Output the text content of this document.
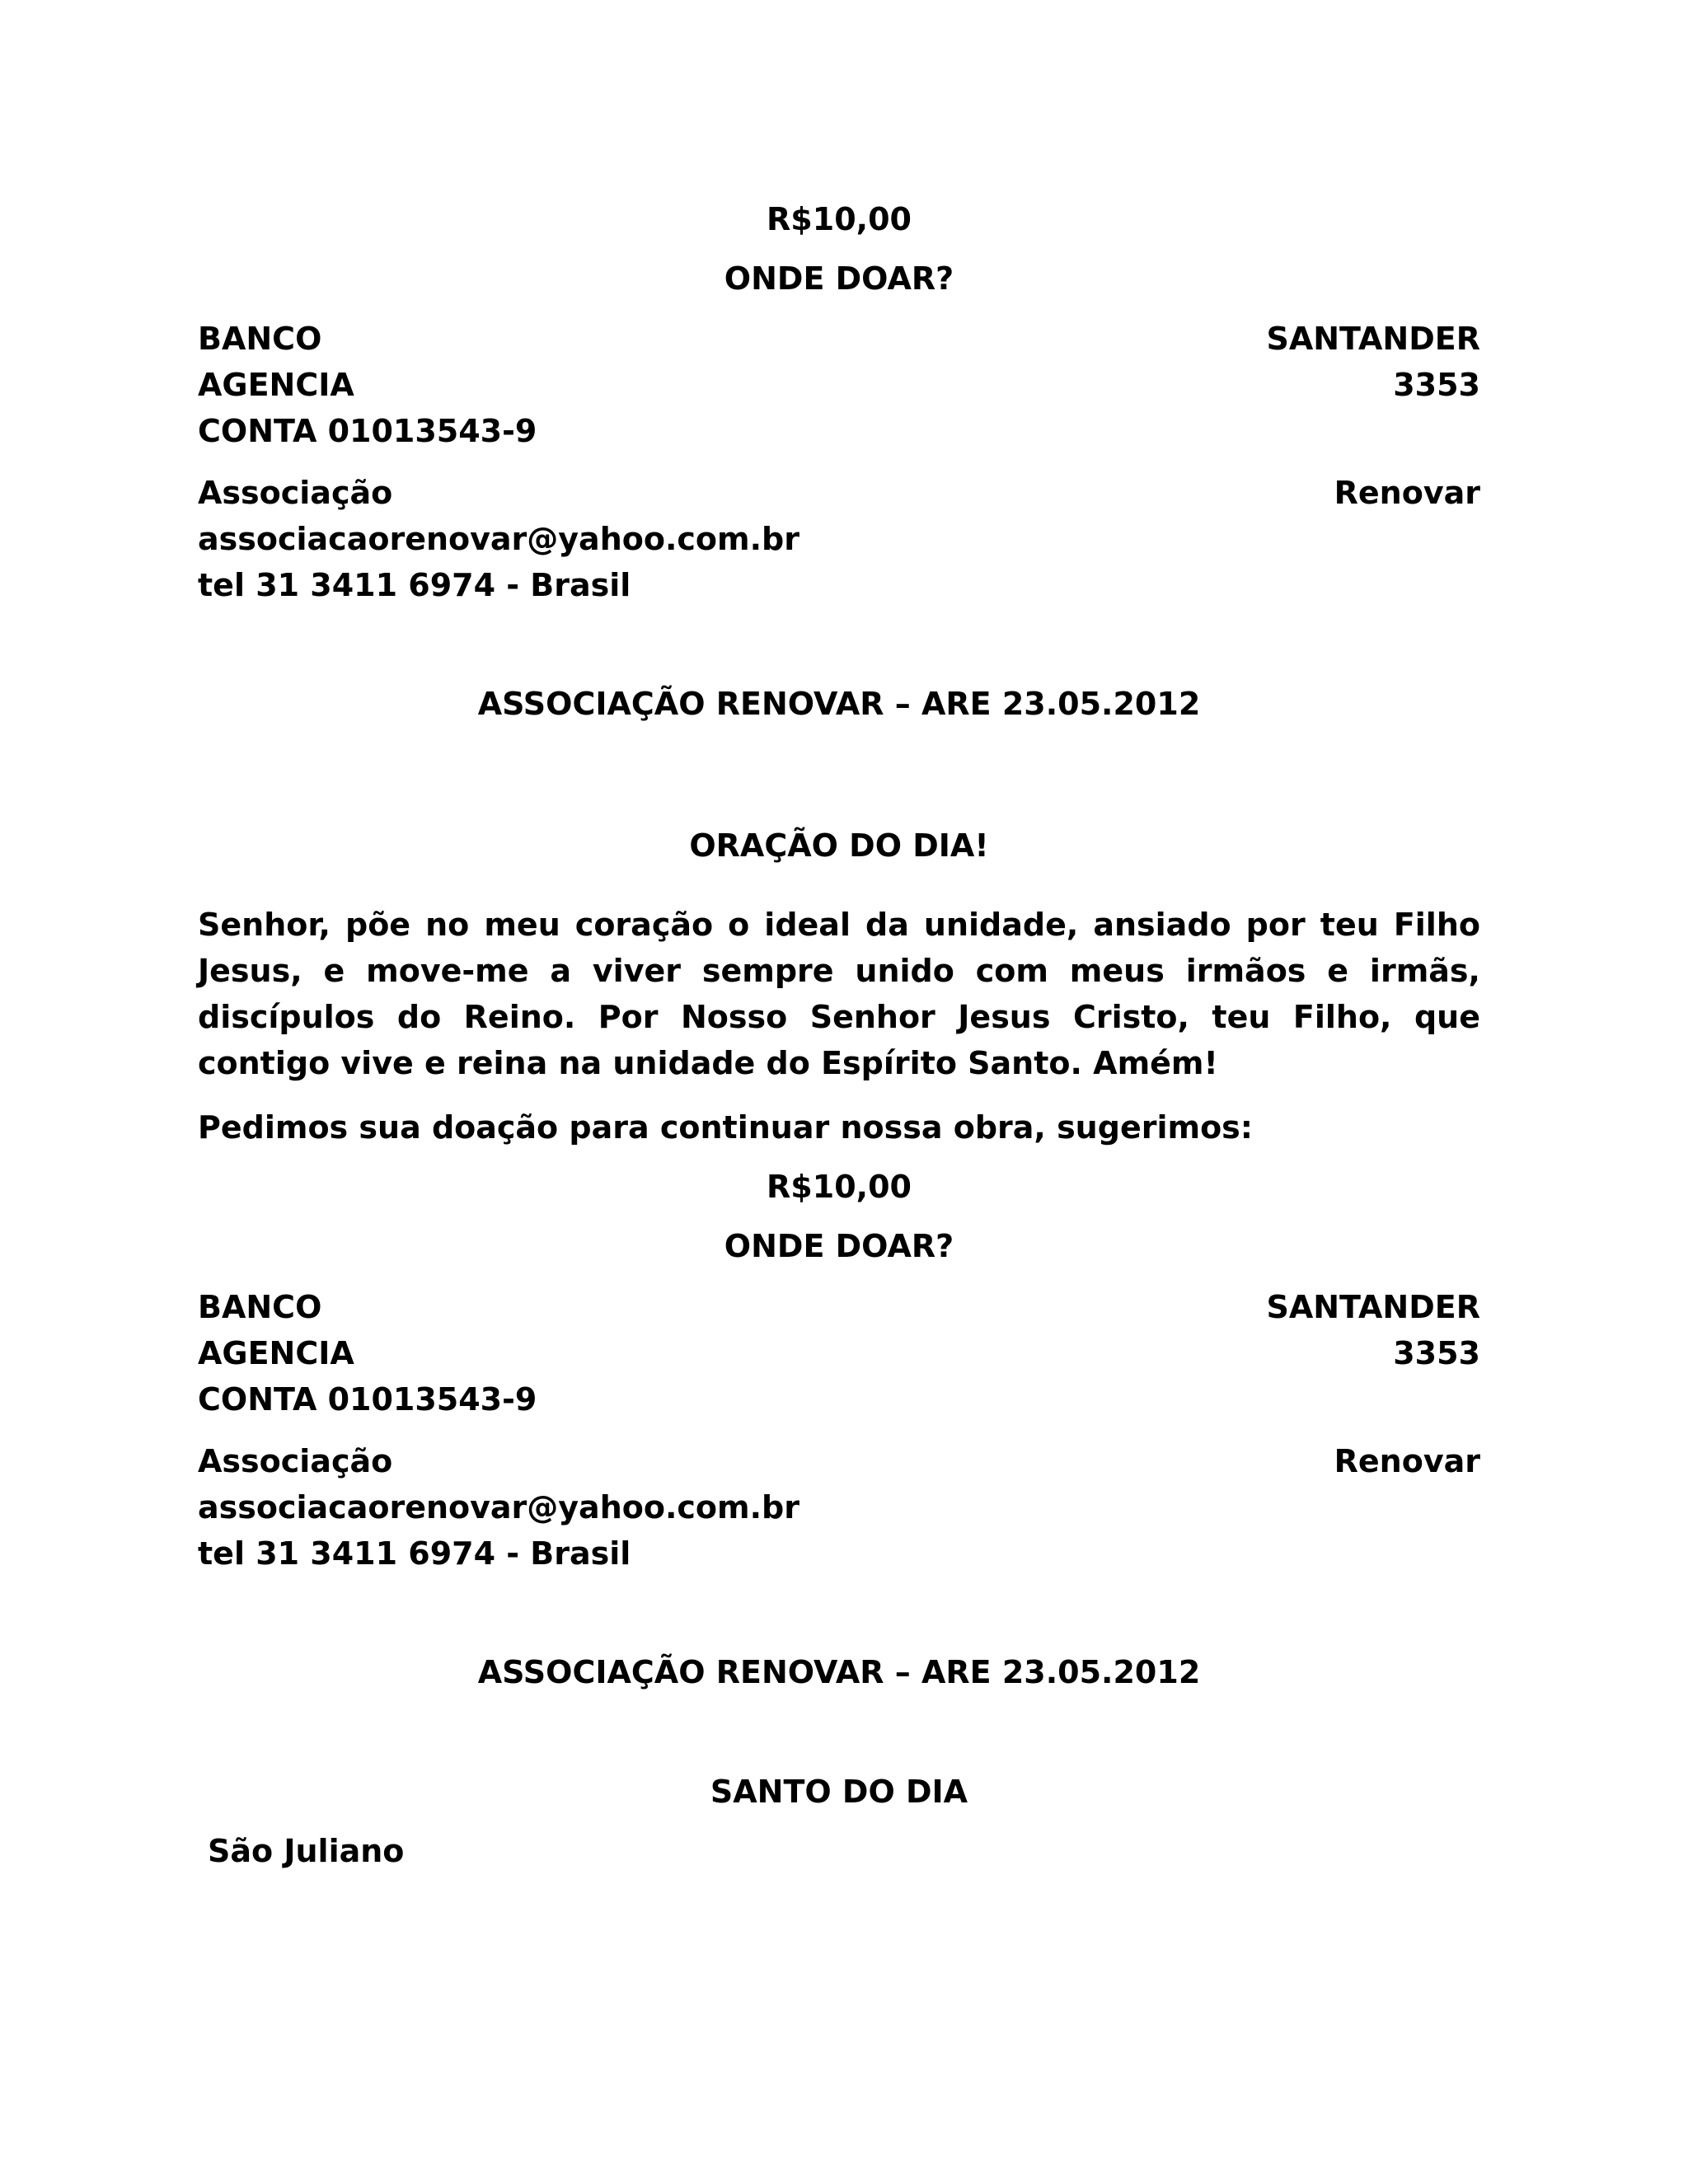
R$10,00
ONDE DOAR?
BANCO	SANTANDER
AGENCIA	3353
CONTA 01013543-9
Associação	Renovar
associacaorenovar@yahoo.com.br
tel 31 3411 6974 - Brasil
ASSOCIAÇÃO RENOVAR – ARE 23.05.2012
ORAÇÃO DO DIA!
Senhor, põe no meu coração o ideal da unidade, ansiado por teu Filho Jesus, e move-me a viver sempre unido com meus irmãos e irmãs, discípulos do Reino. Por Nosso Senhor Jesus Cristo, teu Filho, que contigo vive e reina na unidade do Espírito Santo. Amém!
Pedimos sua doação para continuar nossa obra, sugerimos:
R$10,00
ONDE DOAR?
BANCO	SANTANDER
AGENCIA	3353
CONTA 01013543-9
Associação	Renovar
associacaorenovar@yahoo.com.br
tel 31 3411 6974 - Brasil
ASSOCIAÇÃO RENOVAR – ARE 23.05.2012
SANTO DO DIA
São Juliano
